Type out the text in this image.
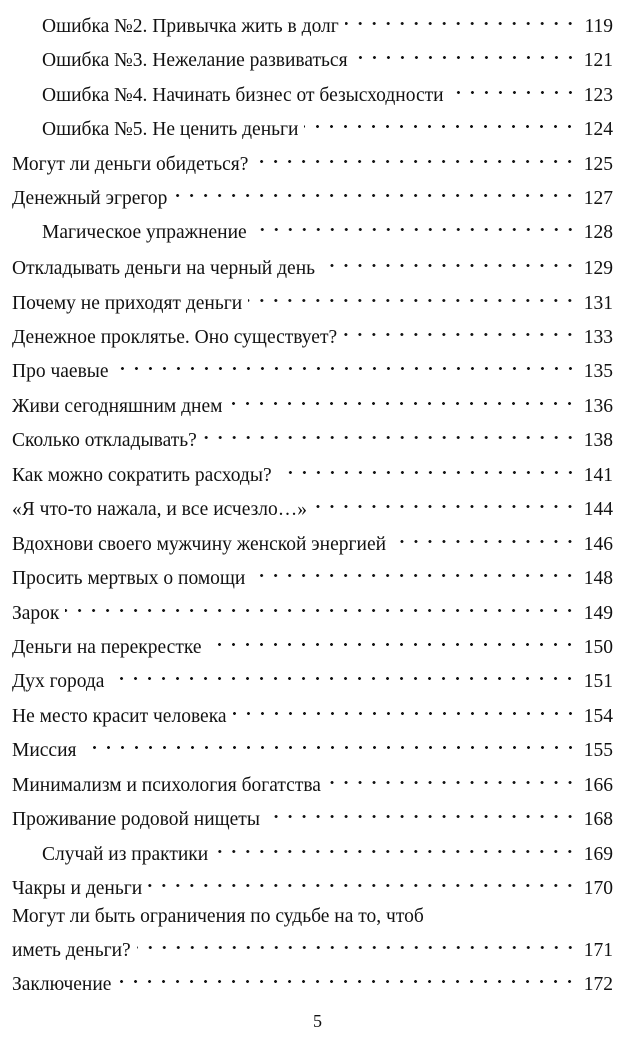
Ошибка №2. Привычка жить в долг	119
Ошибка №3. Нежелание развиваться	121
Ошибка №4. Начинать бизнес от безысходности	123
Ошибка №5. Не ценить деньги	124
Могут ли деньги обидеться?	125
Денежный эгрегор	127
Магическое упражнение	128
Откладывать деньги на черный день	129
Почему не приходят деньги	131
Денежное проклятье. Оно существует?	133
Про чаевые	135
Живи сегодняшним днем	136
Сколько откладывать?	138
Как можно сократить расходы?	141
«Я что-то нажала, и все исчезло…»	144
Вдохнови своего мужчину женской энергией	146
Просить мертвых о помощи	148
Зарок	149
Деньги на перекрестке	150
Дух города	151
Не место красит человека	154
Миссия	155
Минимализм и психология богатства	166
Проживание родовой нищеты	168
Случай из практики	169
Чакры и деньги	170
Могут ли быть ограничения по судьбе на то, чтоб
иметь деньги?	171
Заключение	172
5
